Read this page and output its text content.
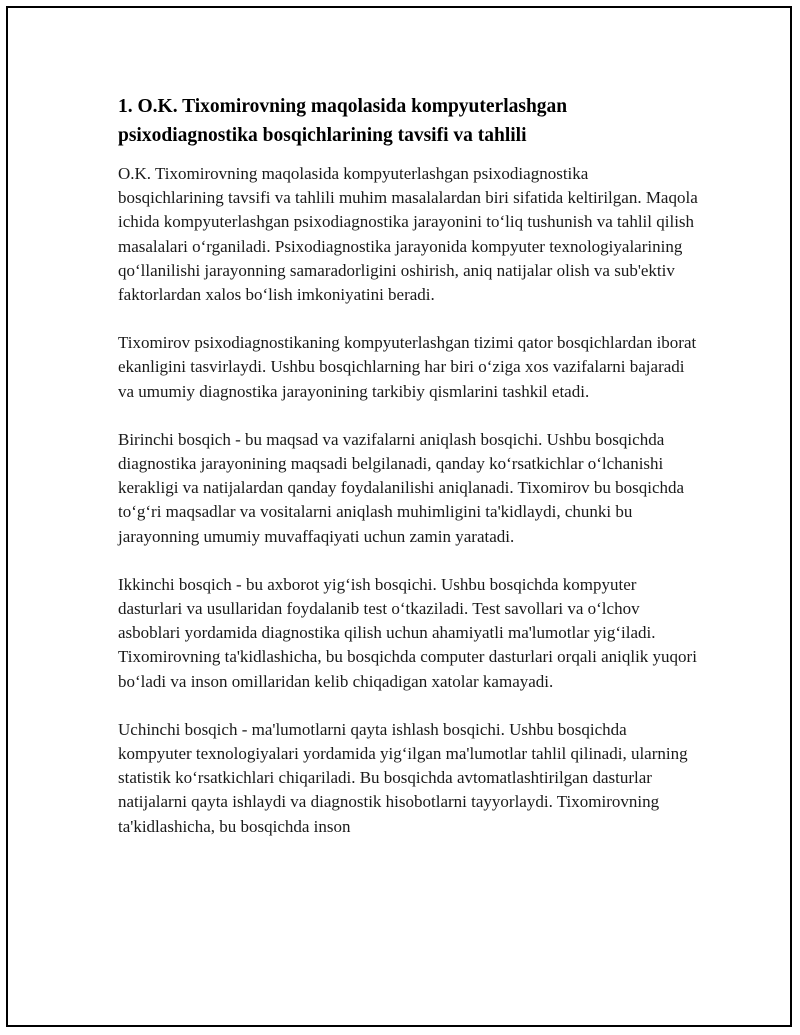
1. O.K. Tixomirovning maqolasida kompyuterlashgan psixodiagnostika bosqichlarining tavsifi va tahlili

O.K. Tixomirovning maqolasida kompyuterlashgan psixodiagnostika bosqichlarining tavsifi va tahlili muhim masalalardan biri sifatida keltirilgan. Maqola ichida kompyuterlashgan psixodiagnostika jarayonini to‘liq tushunish va tahlil qilish masalalari o‘rganiladi. Psixodiagnostika jarayonida kompyuter texnologiyalarining qo‘llanilishi jarayonning samaradorligini oshirish, aniq natijalar olish va sub'ektiv faktorlardan xalos bo‘lish imkoniyatini beradi.

Tixomirov psixodiagnostikaning kompyuterlashgan tizimi qator bosqichlardan iborat ekanligini tasvirlaydi. Ushbu bosqichlarning har biri o‘ziga xos vazifalarni bajaradi va umumiy diagnostika jarayonining tarkibiy qismlarini tashkil etadi.

Birinchi bosqich - bu maqsad va vazifalarni aniqlash bosqichi. Ushbu bosqichda diagnostika jarayonining maqsadi belgilanadi, qanday ko‘rsatkichlar o‘lchanishi kerakligi va natijalardan qanday foydalanilishi aniqlanadi. Tixomirov bu bosqichda to‘g‘ri maqsadlar va vositalarni aniqlash muhimligini ta'kidlaydi, chunki bu jarayonning umumiy muvaffaqiyati uchun zamin yaratadi.

Ikkinchi bosqich - bu axborot yig‘ish bosqichi. Ushbu bosqichda kompyuter dasturlari va usullaridan foydalanib test o‘tkaziladi. Test savollari va o‘lchov asboblari yordamida diagnostika qilish uchun ahamiyatli ma'lumotlar yig‘iladi. Tixomirovning ta'kidlashicha, bu bosqichda computer dasturlari orqali aniqlik yuqori bo‘ladi va inson omillaridan kelib chiqadigan xatolar kamayadi.

Uchinchi bosqich - ma'lumotlarni qayta ishlash bosqichi. Ushbu bosqichda kompyuter texnologiyalari yordamida yig‘ilgan ma'lumotlar tahlil qilinadi, ularning statistik ko‘rsatkichlari chiqariladi. Bu bosqichda avtomatlashtirilgan dasturlar natijalarni qayta ishlaydi va diagnostik hisobotlarni tayyorlaydi. Tixomirovning ta'kidlashicha, bu bosqichda inson
